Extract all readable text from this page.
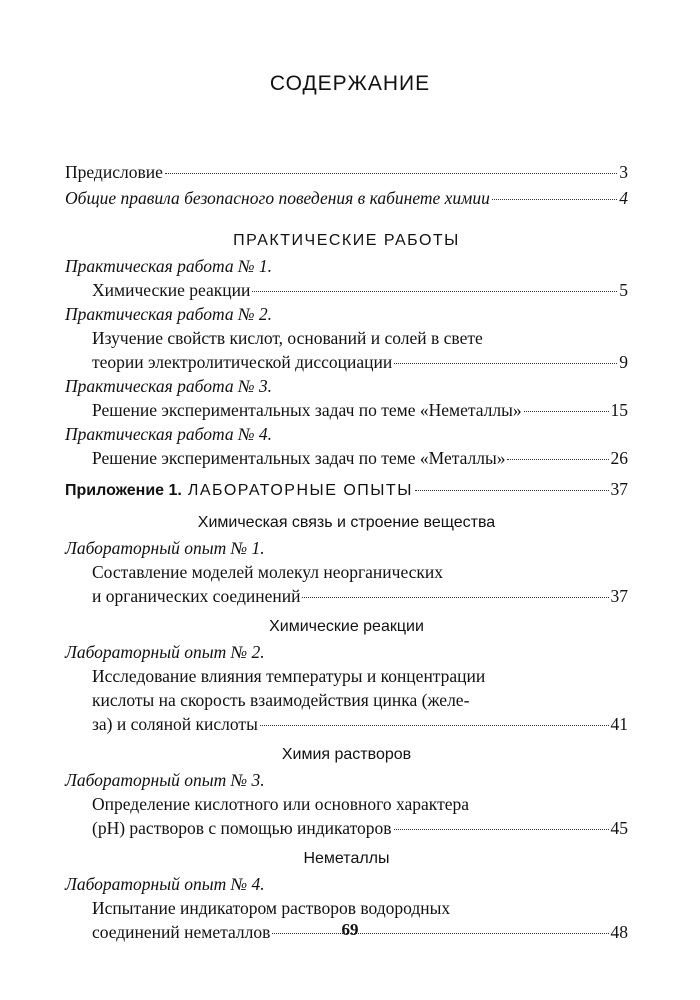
СОДЕРЖАНИЕ
Предисловие	3
Общие правила безопасного поведения в кабинете химии	4
ПРАКТИЧЕСКИЕ РАБОТЫ
Практическая работа № 1.
Химические реакции	5
Практическая работа № 2.
Изучение свойств кислот, оснований и солей в свете
теории электролитической диссоциации	9
Практическая работа № 3.
Решение экспериментальных задач по теме «Неметаллы»	15
Практическая работа № 4.
Решение экспериментальных задач по теме «Металлы»	26
Приложение 1. ЛАБОРАТОРНЫЕ ОПЫТЫ	37
Химическая связь и строение вещества
Лабораторный опыт № 1.
Составление моделей молекул неорганических
и органических соединений	37
Химические реакции
Лабораторный опыт № 2.
Исследование влияния температуры и концентрации
кислоты на скорость взаимодействия цинка (желе-
за) и соляной кислоты	41
Химия растворов
Лабораторный опыт № 3.
Определение кислотного или основного характера
(pH) растворов с помощью индикаторов	45
Неметаллы
Лабораторный опыт № 4.
Испытание индикатором растворов водородных
соединений неметаллов	48
69
